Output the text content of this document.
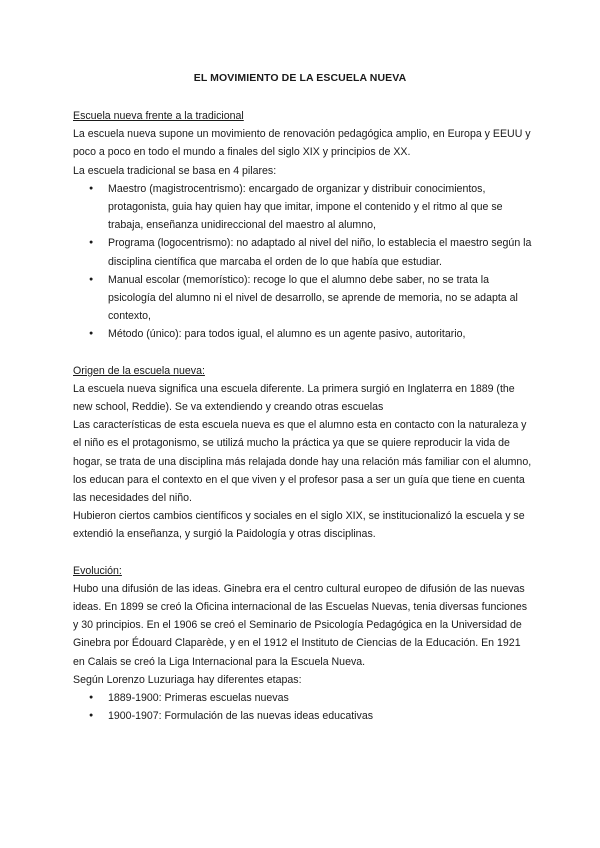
EL MOVIMIENTO DE LA ESCUELA NUEVA

Escuela nueva frente a la tradicional

La escuela nueva supone un movimiento de renovación pedagógica amplio, en Europa y EEUU y poco a poco en todo el mundo a finales del siglo XIX y principios de XX.

La escuela tradicional se basa en 4 pilares:

● Maestro (magistrocentrismo): encargado de organizar y distribuir conocimientos, protagonista, guia hay quien hay que imitar, impone el contenido y el ritmo al que se trabaja, enseñanza unidireccional del maestro al alumno,
● Programa (logocentrismo): no adaptado al nivel del niño, lo establecia el maestro según la disciplina científica que marcaba el orden de lo que había que estudiar.
● Manual escolar (memorístico): recoge lo que el alumno debe saber, no se trata la psicología del alumno ni el nivel de desarrollo, se aprende de memoria, no se adapta al contexto,
● Método (único): para todos igual, el alumno es un agente pasivo, autoritario,

Origen de la escuela nueva:

La escuela nueva significa una escuela diferente. La primera surgió en Inglaterra en 1889 (the new school, Reddie). Se va extendiendo y creando otras escuelas

Las características de esta escuela nueva es que el alumno esta en contacto con la naturaleza y el niño es el protagonismo, se utilizá mucho la práctica ya que se quiere reproducir la vida de hogar, se trata de una disciplina más relajada donde hay una relación más familiar con el alumno, los educan para el contexto en el que viven y el profesor pasa a ser un guía que tiene en cuenta las necesidades del niño.

Hubieron ciertos cambios científicos y sociales en el siglo XIX, se institucionalizó la escuela y se extendió la enseñanza, y surgió la Paidología y otras disciplinas.

Evolución:

Hubo una difusión de las ideas. Ginebra era el centro cultural europeo de difusión de las nuevas ideas. En 1899 se creó la Oficina internacional de las Escuelas Nuevas, tenia diversas funciones y 30 principios. En el 1906 se creó el Seminario de Psicología Pedagógica en la Universidad de Ginebra por Édouard Claparède, y en el 1912 el Instituto de Ciencias de la Educación. En 1921 en Calais se creó la Liga Internacional para la Escuela Nueva.

Según Lorenzo Luzuriaga hay diferentes etapas:

● 1889-1900: Primeras escuelas nuevas
● 1900-1907: Formulación de las nuevas ideas educativas
